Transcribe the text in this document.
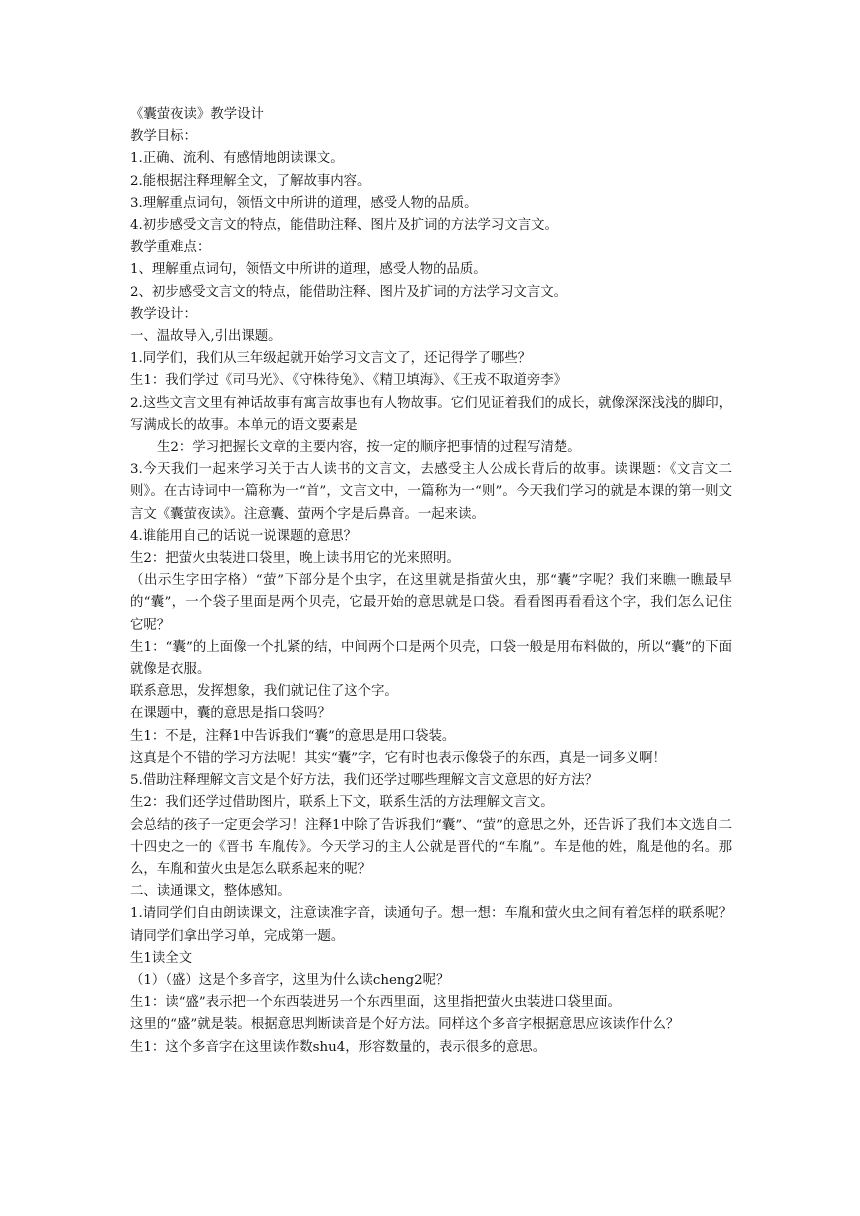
《囊萤夜读》教学设计
教学目标：
1.正确、流利、有感情地朗读课文。
2.能根据注释理解全文，了解故事内容。
3.理解重点词句，领悟文中所讲的道理，感受人物的品质。
4.初步感受文言文的特点，能借助注释、图片及扩词的方法学习文言文。
教学重难点：
1、理解重点词句，领悟文中所讲的道理，感受人物的品质。
2、初步感受文言文的特点，能借助注释、图片及扩词的方法学习文言文。
教学设计：
一、温故导入,引出课题。
1.同学们，我们从三年级起就开始学习文言文了，还记得学了哪些？
生1：我们学过《司马光》、《守株待兔》、《精卫填海》、《王戎不取道旁李》
2.这些文言文里有神话故事有寓言故事也有人物故事。它们见证着我们的成长，就像深深浅浅的脚印，写满成长的故事。本单元的语文要素是
生2：学习把握长文章的主要内容，按一定的顺序把事情的过程写清楚。
3.今天我们一起来学习关于古人读书的文言文，去感受主人公成长背后的故事。读课题：《文言文二则》。在古诗词中一篇称为一“首”，文言文中，一篇称为一“则”。今天我们学习的就是本课的第一则文言文《囊萤夜读》。注意囊、萤两个字是后鼻音。一起来读。
4.谁能用自己的话说一说课题的意思？
生2：把萤火虫装进口袋里，晚上读书用它的光来照明。
（出示生字田字格）“萤”下部分是个虫字，在这里就是指萤火虫，那“囊”字呢？我们来瞧一瞧最早的“囊”，一个袋子里面是两个贝壳，它最开始的意思就是口袋。看看图再看看这个字，我们怎么记住它呢？
生1：“囊”的上面像一个扎紧的结，中间两个口是两个贝壳，口袋一般是用布料做的，所以“囊”的下面就像是衣服。
联系意思，发挥想象，我们就记住了这个字。
在课题中，囊的意思是指口袋吗？
生1：不是，注释1中告诉我们“囊”的意思是用口袋装。
这真是个不错的学习方法呢！其实“囊”字，它有时也表示像袋子的东西，真是一词多义啊！
5.借助注释理解文言文是个好方法，我们还学过哪些理解文言文意思的好方法？
生2：我们还学过借助图片，联系上下文，联系生活的方法理解文言文。
会总结的孩子一定更会学习！注释1中除了告诉我们“囊”、“萤”的意思之外，还告诉了我们本文选自二十四史之一的《晋书 车胤传》。今天学习的主人公就是晋代的“车胤”。车是他的姓，胤是他的名。那么，车胤和萤火虫是怎么联系起来的呢？
二、读通课文，整体感知。
1.请同学们自由朗读课文，注意读准字音，读通句子。想一想：车胤和萤火虫之间有着怎样的联系呢？请同学们拿出学习单，完成第一题。
生1读全文
（1）（盛）这是个多音字，这里为什么读cheng2呢？
生1：读“盛”表示把一个东西装进另一个东西里面，这里指把萤火虫装进口袋里面。
这里的“盛”就是装。根据意思判断读音是个好方法。同样这个多音字根据意思应该读作什么？
生1：这个多音字在这里读作数shu4，形容数量的，表示很多的意思。
